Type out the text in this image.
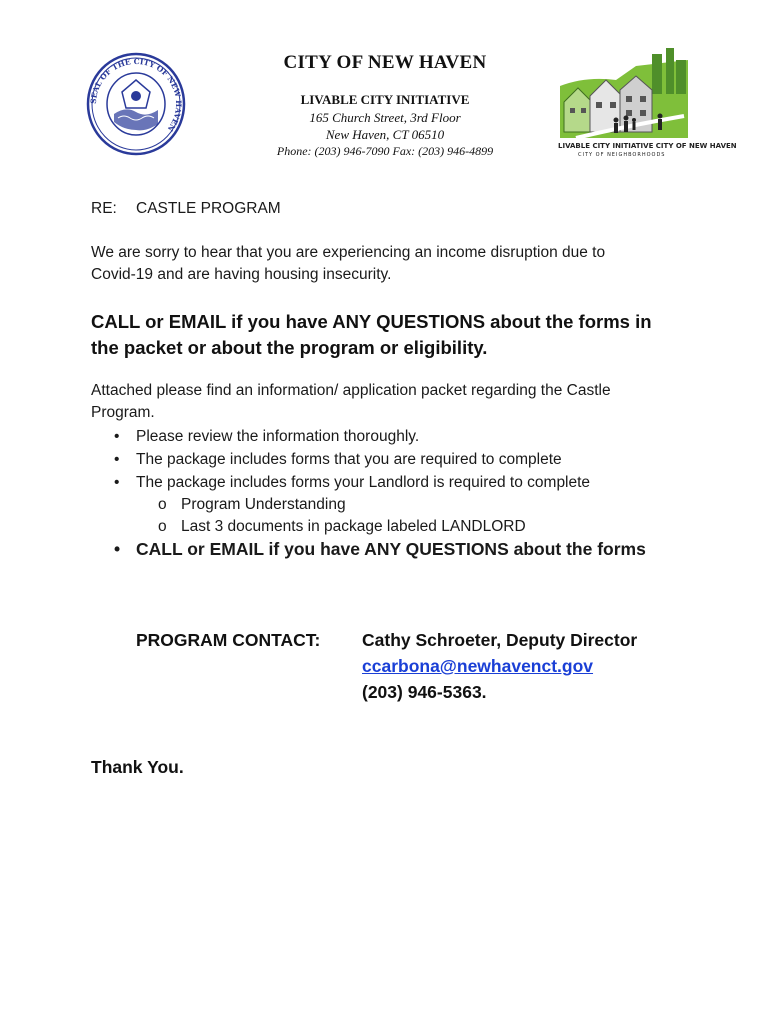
SEAL OF THE CITY OF NEW HAVEN
CITY OF NEW HAVEN
LIVABLE CITY INITIATIVE
165 Church Street, 3rd Floor
New Haven, CT 06510
Phone: (203) 946-7090 Fax: (203) 946-4899	LIVABLE CITY INITIATIVE CITY OF NEW HAVEN
CITY OF NEIGHBORHOODS
RE: CASTLE PROGRAM
We are sorry to hear that you are experiencing an income disruption due to Covid-19 and are having housing insecurity.
CALL or EMAIL if you have ANY QUESTIONS about the forms in the packet or about the program or eligibility.
Attached please find an information/ application packet regarding the Castle Program.
• Please review the information thoroughly.
• The package includes forms that you are required to complete
• The package includes forms your Landlord is required to complete
o Program Understanding
o Last 3 documents in package labeled LANDLORD
• CALL or EMAIL if you have ANY QUESTIONS about the forms
PROGRAM CONTACT: Cathy Schroeter, Deputy Director
ccarbona@newhavenct.gov
(203) 946-5363.
Thank You.
